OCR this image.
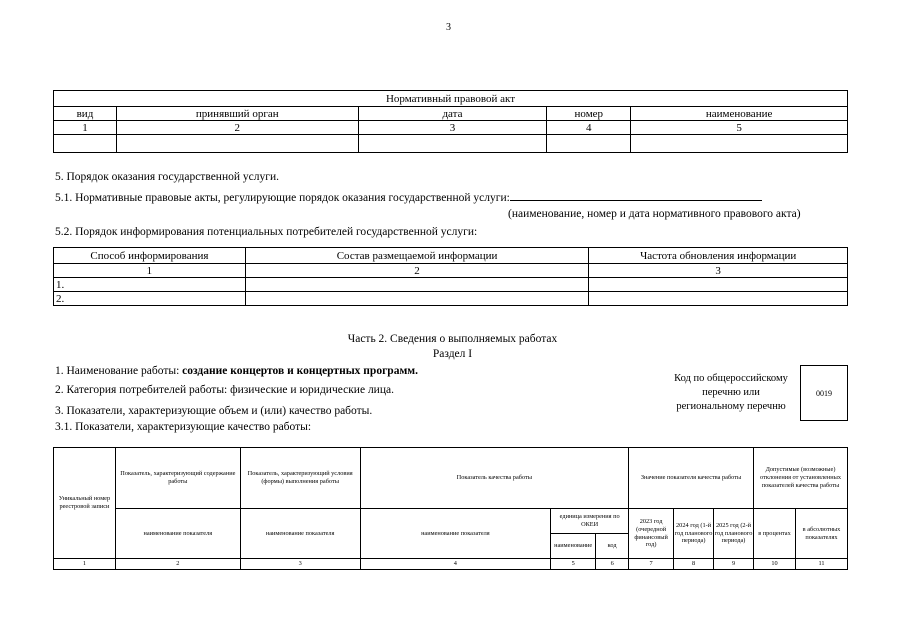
3
Нормативный правовой акт				
вид	принявший орган	дата	номер	наименование
1	2	3	4	5

5. Порядок оказания государственной услуги.
5.1. Нормативные правовые акты, регулирующие порядок оказания государственной услуги:
(наименование, номер и дата нормативного правового акта)
5.2. Порядок информирования потенциальных потребителей государственной услуги:
Способ информирования	Состав размещаемой информации	Частота обновления информации
1	2	3
1.		
2.		
Часть 2. Сведения о выполняемых работах
Раздел I
1. Наименование работы: создание концертов и концертных программ.
2. Категория потребителей работы: физические и юридические лица.
3. Показатели, характеризующие объем и (или) качество работы.
3.1. Показатели, характеризующие качество работы:
Код по общероссийскому
перечню или
региональному перечню
0019
Уникальный номер реестровой записи	Показатель, характеризующий содержание работы	Показатель, характеризующий условия (формы) выполнения работы	Показатель качества работы			Значение показателя качества работы			Допустимые (возможные) отклонения от установленных показателей качества работы	
	наименование показателя	наименование показателя	наименование показателя	единица измерения по ОКЕИ		2023 год (очередной финансовый год)	2024 год (1-й год планового периода)	2025 год (2-й год планового периода)	в процентах	в абсолютных показателях
				наименование	код					
1	2	3	4	5	6	7	8	9	10	11
